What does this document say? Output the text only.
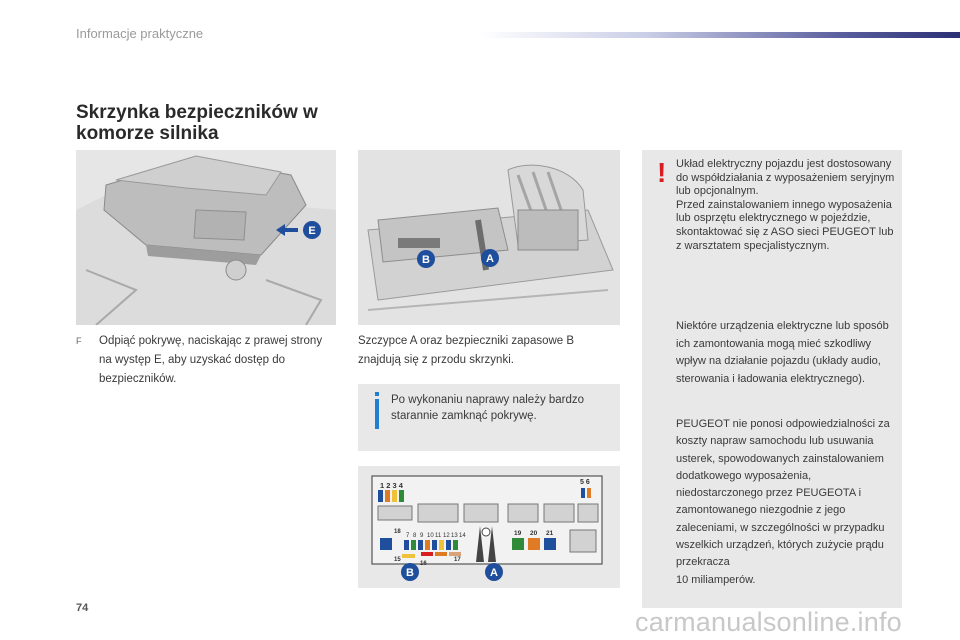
Informacje praktyczne
Skrzynka bezpieczników w komorze silnika
E
B	A
F Odpiąć pokrywę, naciskając z prawej strony na występ E, aby uzyskać dostęp do bezpieczników.
Szczypce A oraz bezpieczniki zapasowe B znajdują się z przodu skrzynki.
Po wykonaniu naprawy należy bardzo starannie zamknąć pokrywę.
1 2 3 4	5 6
18
7 8 9 10 11 12 13 14	19 20 21
15
16
17
B	A
! Układ elektryczny pojazdu jest dostosowany do współdziałania z wyposażeniem seryjnym lub opcjonalnym.
Przed zainstalowaniem innego wyposażenia lub osprzętu elektrycznego w pojeździe, skontaktować się z ASO sieci PEUGEOT lub z warsztatem specjalistycznym.
Niektóre urządzenia elektryczne lub sposób ich zamontowania mogą mieć szkodliwy wpływ na działanie pojazdu (układy audio, sterowania i ładowania elektrycznego).
PEUGEOT nie ponosi odpowiedzialności za koszty napraw samochodu lub usuwania usterek, spowodowanych zainstalowaniem dodatkowego wyposażenia, niedostarczonego przez PEUGEOTA i zamontowanego niezgodnie z jego zaleceniami, w szczególności w przypadku wszelkich urządzeń, których zużycie prądu przekracza
10 miliamperów.
74	carmanualsonline.info
